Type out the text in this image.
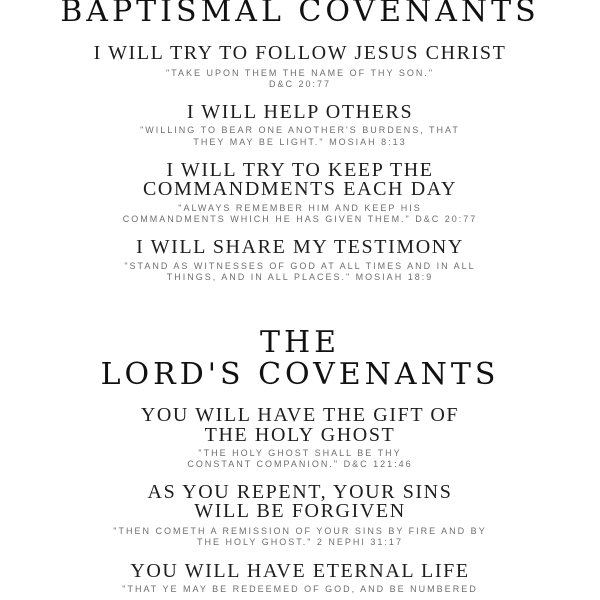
BAPTISMAL COVENANTS
I WILL TRY TO FOLLOW JESUS CHRIST
"TAKE UPON THEM THE NAME OF THY SON."
D&C 20:77
I WILL HELP OTHERS
"WILLING TO BEAR ONE ANOTHER'S BURDENS, THAT
THEY MAY BE LIGHT." MOSIAH 8:13
I WILL TRY TO KEEP THE
COMMANDMENTS EACH DAY
"ALWAYS REMEMBER HIM AND KEEP HIS
COMMANDMENTS WHICH HE HAS GIVEN THEM." D&C 20:77
I WILL SHARE MY TESTIMONY
"STAND AS WITNESSES OF GOD AT ALL TIMES AND IN ALL
THINGS, AND IN ALL PLACES." MOSIAH 18:9
THE
LORD'S COVENANTS
YOU WILL HAVE THE GIFT OF
THE HOLY GHOST
"THE HOLY GHOST SHALL BE THY
CONSTANT COMPANION." D&C 121:46
AS YOU REPENT, YOUR SINS
WILL BE FORGIVEN
"THEN COMETH A REMISSION OF YOUR SINS BY FIRE AND BY
THE HOLY GHOST." 2 NEPHI 31:17
YOU WILL HAVE ETERNAL LIFE
"THAT YE MAY BE REDEEMED OF GOD, AND BE NUMBERED
